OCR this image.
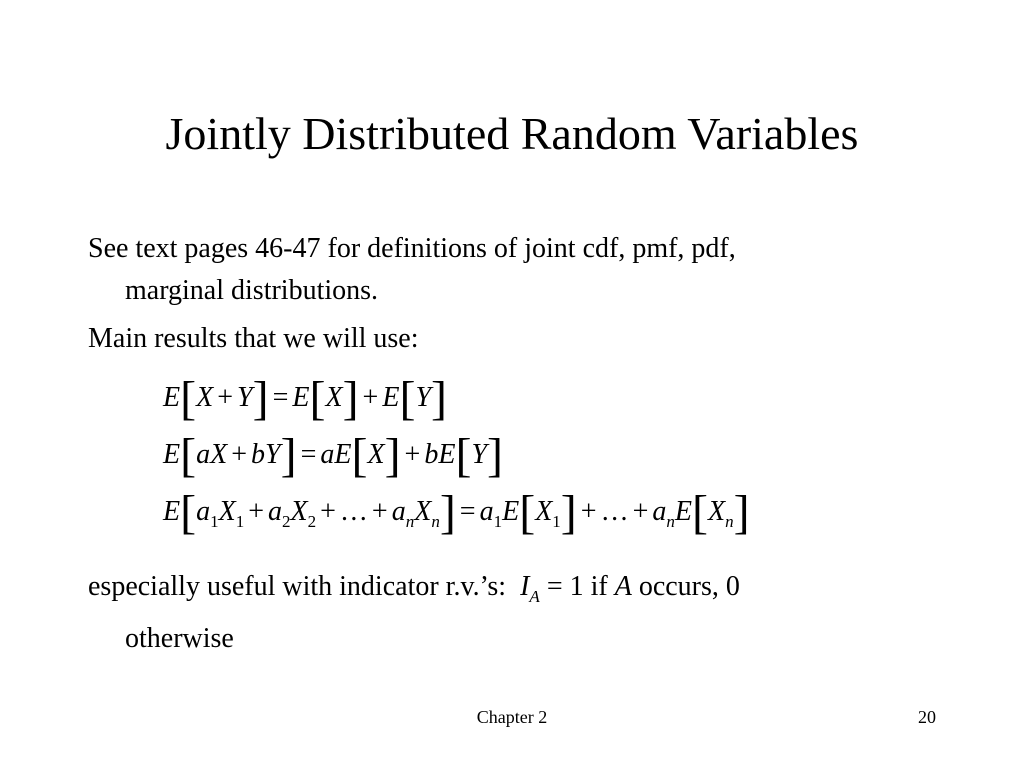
Jointly Distributed Random Variables
See text pages 46-47 for definitions of joint cdf, pmf, pdf,
marginal distributions.
Main results that we will use:
E[X + Y] = E[X] + E[Y]
E[aX + bY] = aE[X] + bE[Y]
$E[a_1X_1 + a_2X_2$ + … + $a_nX_n] = a_1E[X_1]$ + … + $a_nE[X_n]$
especially useful with indicator r.v.’s: $I_A = 1$ if A occurs, 0
otherwise
Chapter 2	20
